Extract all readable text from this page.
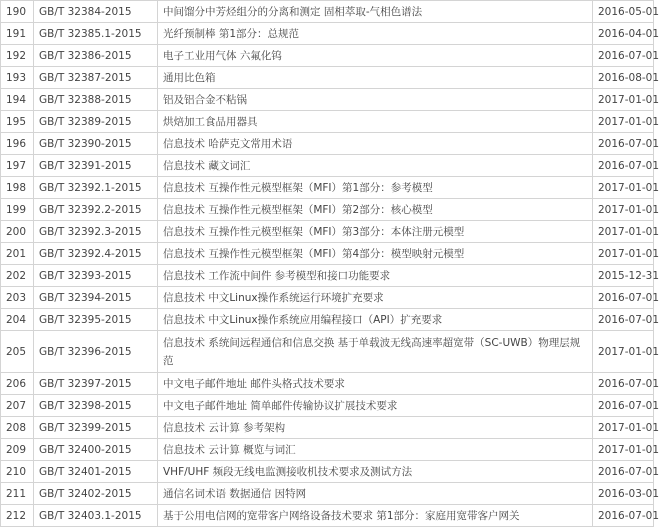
190	GB/T 32384-2015	中间馏分中芳烃组分的分离和测定 固相萃取-气相色谱法	2016-05-01
191	GB/T 32385.1-2015	光纤预制棒 第1部分：总规范	2016-04-01
192	GB/T 32386-2015	电子工业用气体 六氟化钨	2016-07-01
193	GB/T 32387-2015	通用比色箱	2016-08-01
194	GB/T 32388-2015	铝及铝合金不粘锅	2017-01-01
195	GB/T 32389-2015	烘焙加工食品用器具	2017-01-01
196	GB/T 32390-2015	信息技术 哈萨克文常用术语	2016-07-01
197	GB/T 32391-2015	信息技术 藏文词汇	2016-07-01
198	GB/T 32392.1-2015	信息技术 互操作性元模型框架（MFI）第1部分：参考模型	2017-01-01
199	GB/T 32392.2-2015	信息技术 互操作性元模型框架（MFI）第2部分：核心模型	2017-01-01
200	GB/T 32392.3-2015	信息技术 互操作性元模型框架（MFI）第3部分：本体注册元模型	2017-01-01
201	GB/T 32392.4-2015	信息技术 互操作性元模型框架（MFI）第4部分：模型映射元模型	2017-01-01
202	GB/T 32393-2015	信息技术 工作流中间件 参考模型和接口功能要求	2015-12-31
203	GB/T 32394-2015	信息技术 中文Linux操作系统运行环境扩充要求	2016-07-01
204	GB/T 32395-2015	信息技术 中文Linux操作系统应用编程接口（API）扩充要求	2016-07-01
205	GB/T 32396-2015	信息技术 系统间远程通信和信息交换 基于单载波无线高速率超宽带（SC-UWB）物理层规范	2017-01-01
206	GB/T 32397-2015	中文电子邮件地址 邮件头格式技术要求	2016-07-01
207	GB/T 32398-2015	中文电子邮件地址 简单邮件传输协议扩展技术要求	2016-07-01
208	GB/T 32399-2015	信息技术 云计算 参考架构	2017-01-01
209	GB/T 32400-2015	信息技术 云计算 概览与词汇	2017-01-01
210	GB/T 32401-2015	VHF/UHF 频段无线电监测接收机技术要求及测试方法	2016-07-01
211	GB/T 32402-2015	通信名词术语 数据通信 因特网	2016-03-01
212	GB/T 32403.1-2015	基于公用电信网的宽带客户网络设备技术要求 第1部分：家庭用宽带客户网关	2016-07-01
